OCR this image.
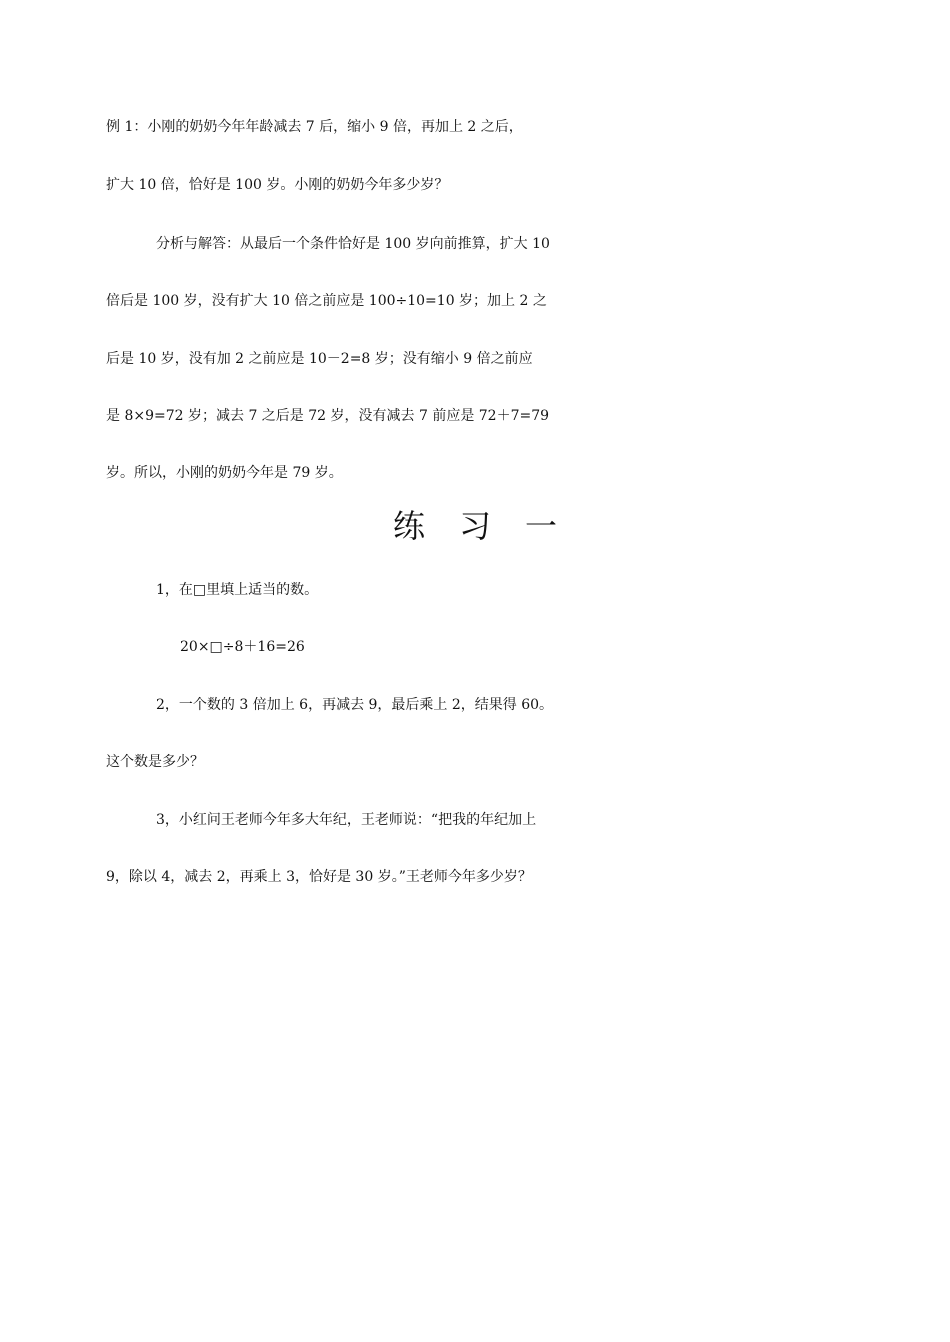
例 1：小刚的奶奶今年年龄减去 7 后，缩小 9 倍，再加上 2 之后，
扩大 10 倍，恰好是 100 岁。小刚的奶奶今年多少岁？
分析与解答：从最后一个条件恰好是 100 岁向前推算，扩大 10
倍后是 100 岁，没有扩大 10 倍之前应是 100÷10=10 岁；加上 2 之
后是 10 岁，没有加 2 之前应是 10－2=8 岁；没有缩小 9 倍之前应
是 8×9=72 岁；减去 7 之后是 72 岁，没有减去 7 前应是 72＋7=79
岁。所以，小刚的奶奶今年是 79 岁。
练习一
1，在□里填上适当的数。
20×□÷8＋16=26
2，一个数的 3 倍加上 6，再减去 9，最后乘上 2，结果得 60。
这个数是多少？
3，小红问王老师今年多大年纪，王老师说：“把我的年纪加上
9，除以 4，减去 2，再乘上 3，恰好是 30 岁。”王老师今年多少岁？
